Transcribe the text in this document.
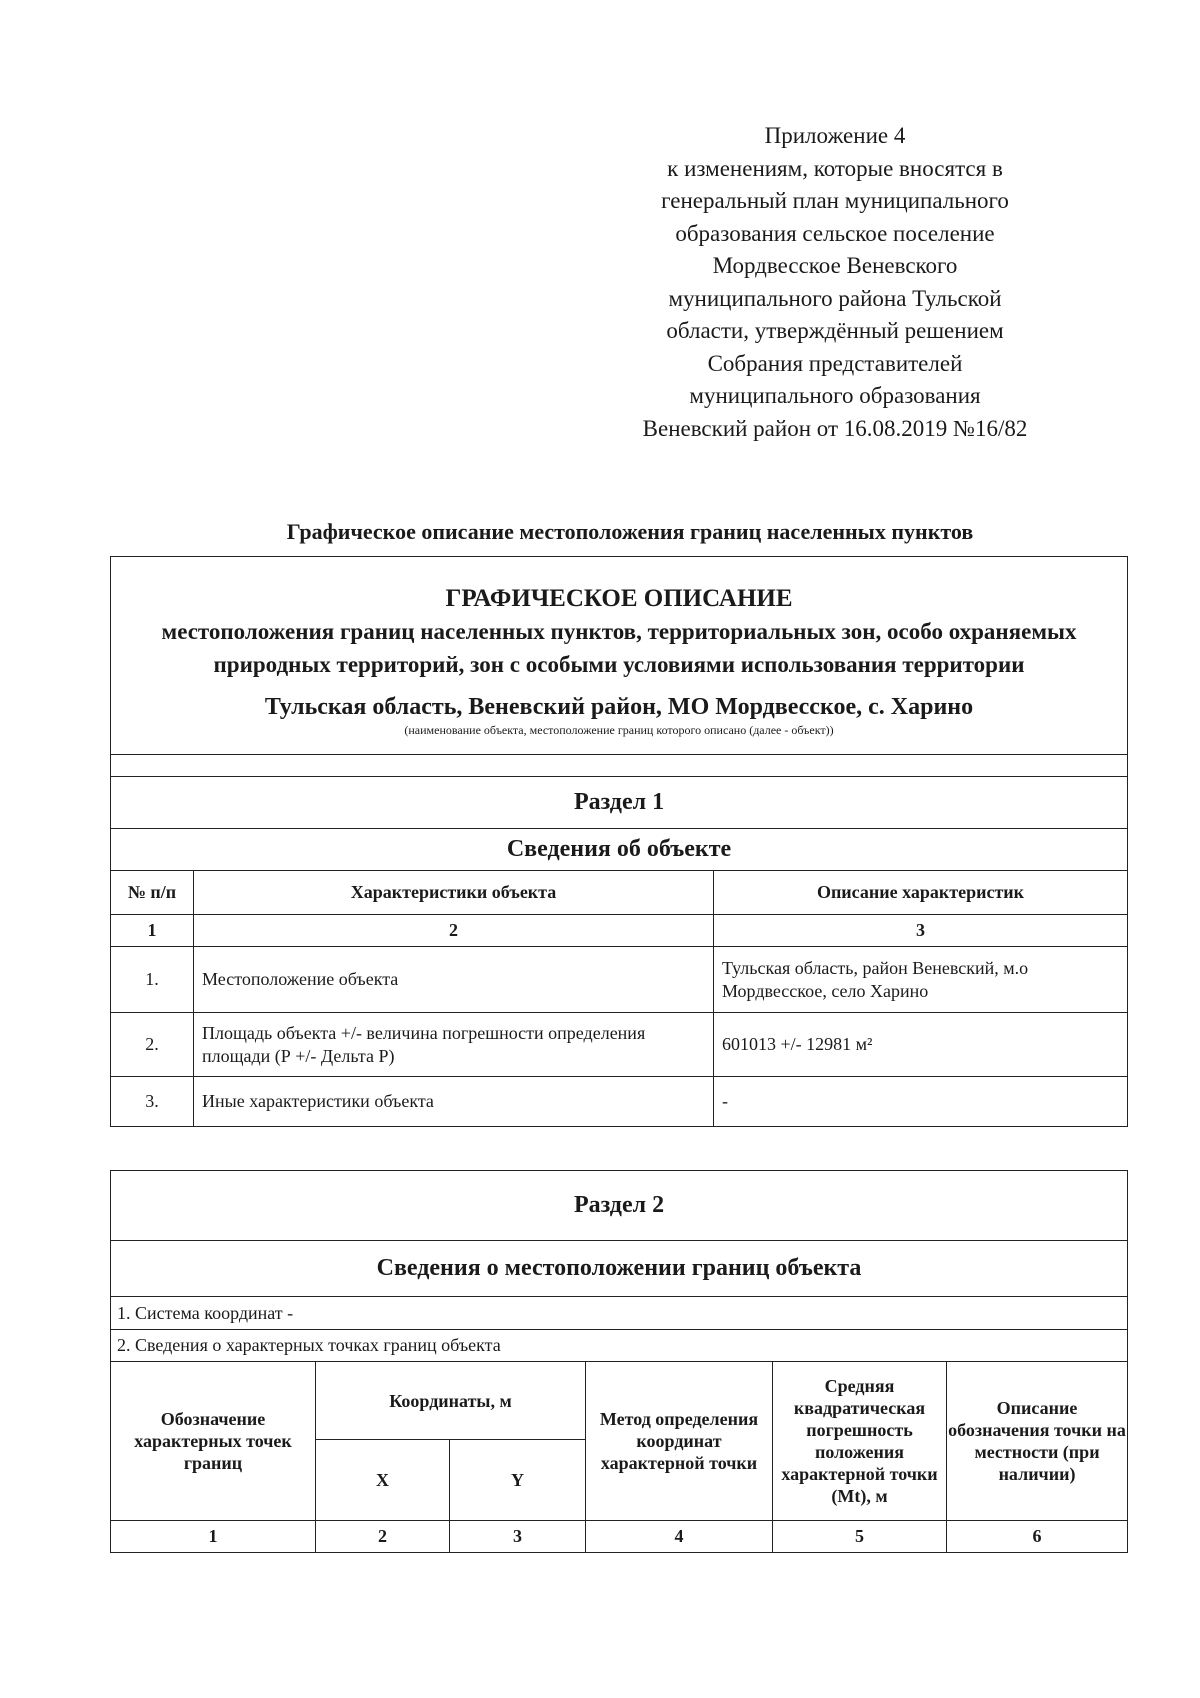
Приложение 4
к изменениям, которые вносятся в
генеральный план муниципального
образования сельское поселение
Мордвесское Веневского
муниципального района Тульской
области, утверждённый решением
Собрания представителей
муниципального образования
Веневский район от 16.08.2019 №16/82
Графическое описание местоположения границ населенных пунктов
ГРАФИЧЕСКОЕ ОПИСАНИЕ
местоположения границ населенных пунктов, территориальных зон, особо охраняемых природных территорий, зон с особыми условиями использования территории
Тульская область, Веневский район, МО Мордвесское, с. Харино
(наименование объекта, местоположение границ которого описано (далее - объект))		

Раздел 1		
Сведения об объекте		
№ п/п	Характеристики объекта	Описание характеристик
1	2	3
1.	Местоположение объекта	Тульская область, район Веневский, м.о Мордвесское, село Харино
2.	Площадь объекта +/- величина погрешности определения площади (Р +/- Дельта Р)	601013 +/- 12981 м²
3.	Иные характеристики объекта	-
Раздел 2					
Сведения о местоположении границ объекта					
1. Система координат -					
2. Сведения о характерных точках границ объекта					
Обозначение характерных точек границ	Координаты, м		Метод определения координат характерной точки	Средняя квадратическая погрешность положения характерной точки (Mt), м	Описание обозначения точки на местности (при наличии)
	X	Y			
1	2	3	4	5	6
